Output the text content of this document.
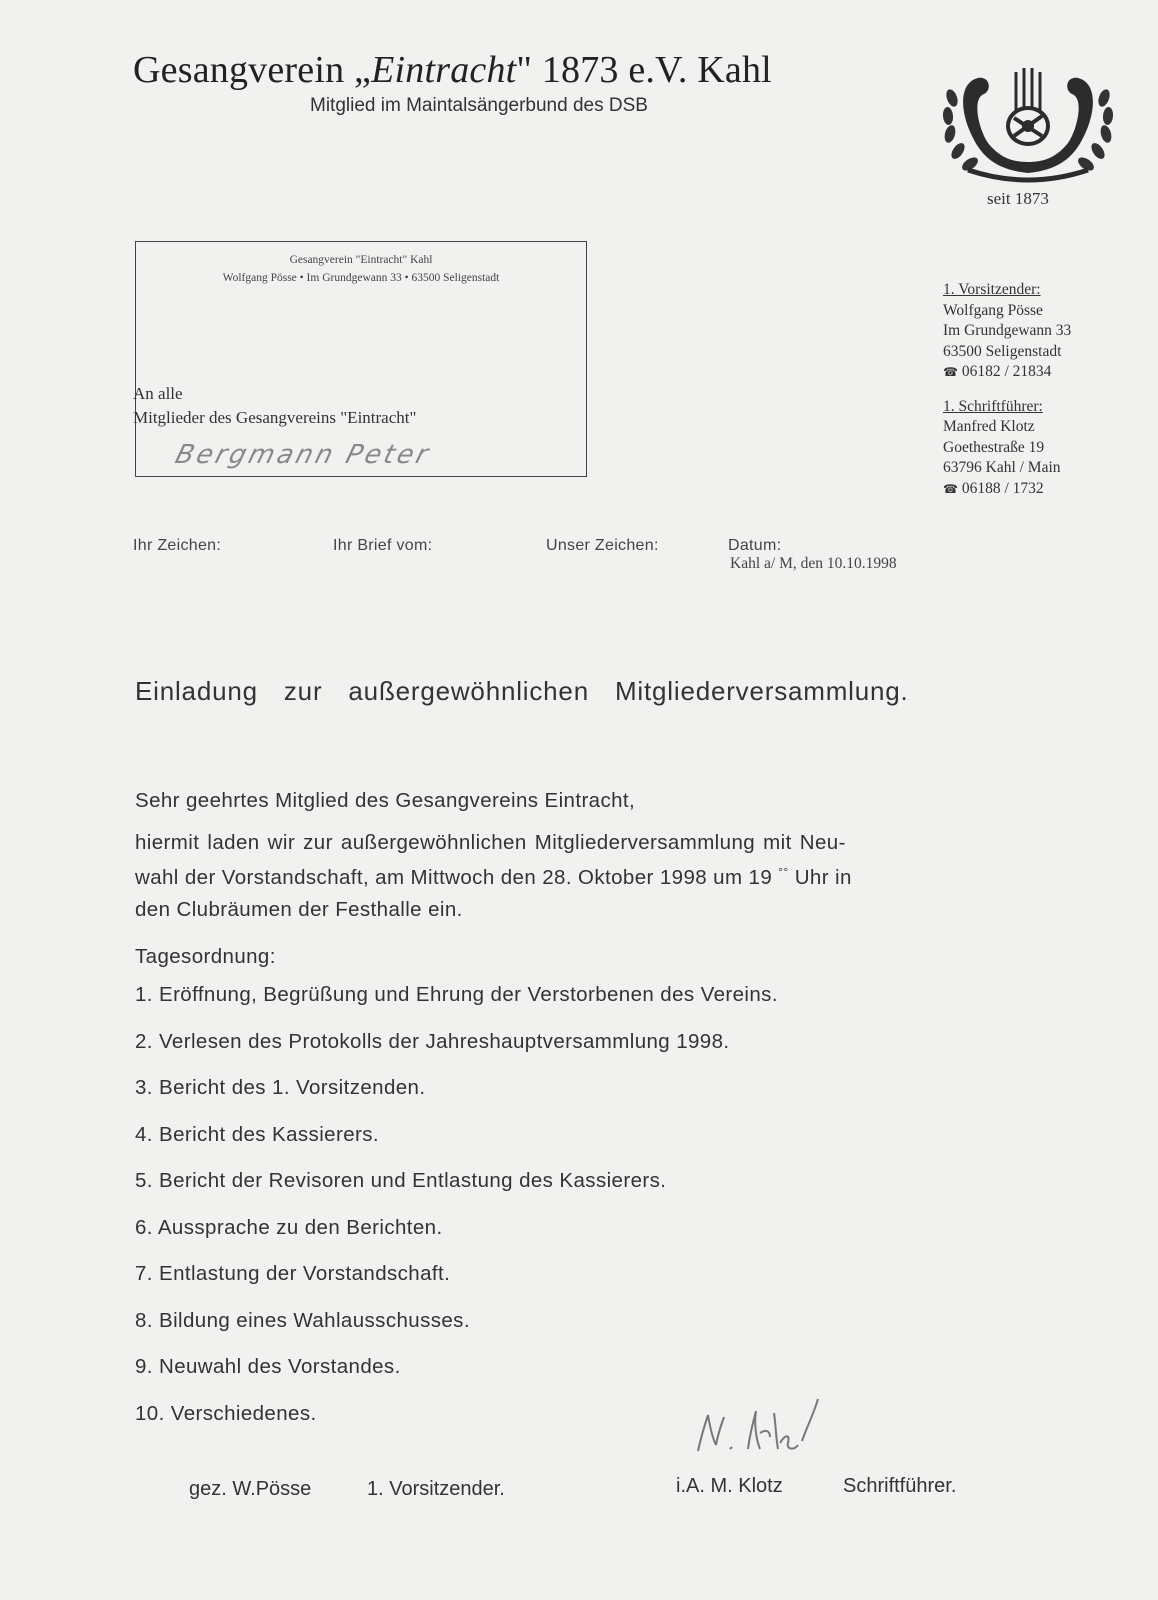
Gesangverein „Eintracht" 1873 e.V. Kahl
Mitglied im Maintalsängerbund des DSB
seit 1873
Gesangverein "Eintracht" Kahl
Wolfgang Pösse • Im Grundgewann 33 • 63500 Seligenstadt
An alle
Mitglieder des Gesangvereins "Eintracht"
Bergmann Peter
1. Vorsitzender:
Wolfgang Pösse
Im Grundgewann 33
63500 Seligenstadt
☎ 06182 / 21834
1. Schriftführer:
Manfred Klotz
Goethestraße 19
63796 Kahl / Main
☎ 06188 / 1732
Ihr Zeichen:	Ihr Brief vom:	Unser Zeichen:	Datum:
Kahl a/ M, den 10.10.1998
Einladung zur außergewöhnlichen Mitgliederversammlung.
Sehr geehrtes Mitglied des Gesangvereins Eintracht,
hiermit laden wir zur außergewöhnlichen Mitgliederversammlung mit Neu-
wahl der Vorstandschaft, am Mittwoch den 28. Oktober 1998 um 19 °° Uhr in
den Clubräumen der Festhalle ein.
Tagesordnung:
1. Eröffnung, Begrüßung und Ehrung der Verstorbenen des Vereins.
2. Verlesen des Protokolls der Jahreshauptversammlung 1998.
3. Bericht des 1. Vorsitzenden.
4. Bericht des Kassierers.
5. Bericht der Revisoren und Entlastung des Kassierers.
6. Aussprache zu den Berichten.
7. Entlastung der Vorstandschaft.
8. Bildung eines Wahlausschusses.
9. Neuwahl des Vorstandes.
10. Verschiedenes.
gez. W.Pösse	1. Vorsitzender.	i.A. M. Klotz	Schriftführer.
